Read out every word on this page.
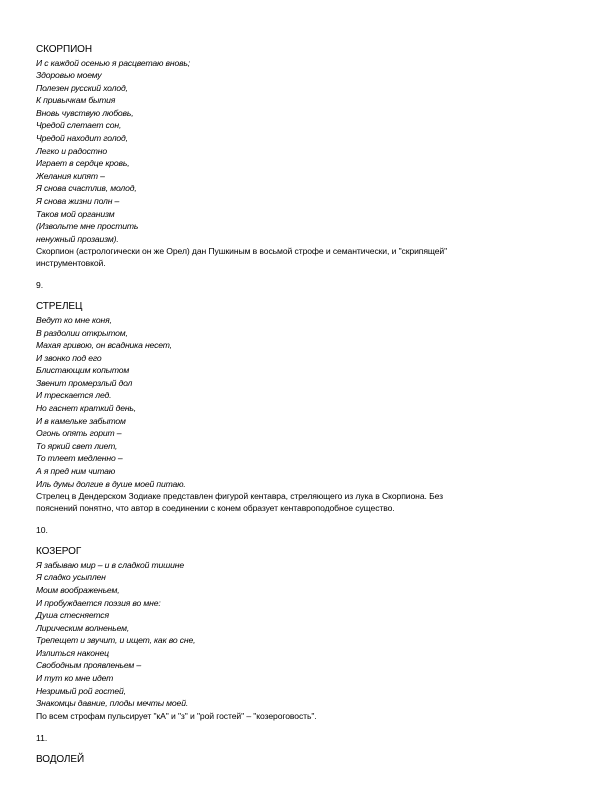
СКОРПИОН

И с каждой осенью я расцветаю вновь;
Здоровью моему
Полезен русский холод,
К привычкам бытия
Вновь чувствую любовь,
Чредой слетает сон,
Чредой находит голод,
Легко и радостно
Играет в сердце кровь,
Желания кипят –
Я снова счастлив, молод,
Я снова жизни полн –
Таков мой организм
(Извольте мне простить
ненужный прозаизм).

Скорпион (астрологически он же Орел) дан Пушкиным в восьмой строфе и семантически, и "скрипящей"
инструментовкой.

9.

СТРЕЛЕЦ

Ведут ко мне коня,
В раздолии открытом,
Махая гривою, он всадника несет,
И звонко под его
Блистающим копытом
Звенит промерзлый дол
И трескается лед.
Но гаснет краткий день,
И в камельке забытом
Огонь опять горит –
То яркий свет лиет,
То тлеет медленно –
А я пред ним читаю
Иль думы долгие в душе моей питаю.

Стрелец в Дендерском Зодиаке представлен фигурой кентавра, стреляющего из лука в Скорпиона. Без
пояснений понятно, что автор в соединении с конем образует кентавроподобное существо.

10.

КОЗЕРОГ

Я забываю мир – и в сладкой тишине
Я сладко усыплен
Моим воображеньем,
И пробуждается поэзия во мне:
Душа стесняется
Лирическим волненьем,
Трепещет и звучит, и ищет, как во сне,
Излиться наконец
Свободным проявленьем –
И тут ко мне идет
Незримый рой гостей,
Знакомцы давние, плоды мечты моей.

По всем строфам пульсирует "кА" и "з" и "рой гостей" – "козероговость".

11.

ВОДОЛЕЙ
